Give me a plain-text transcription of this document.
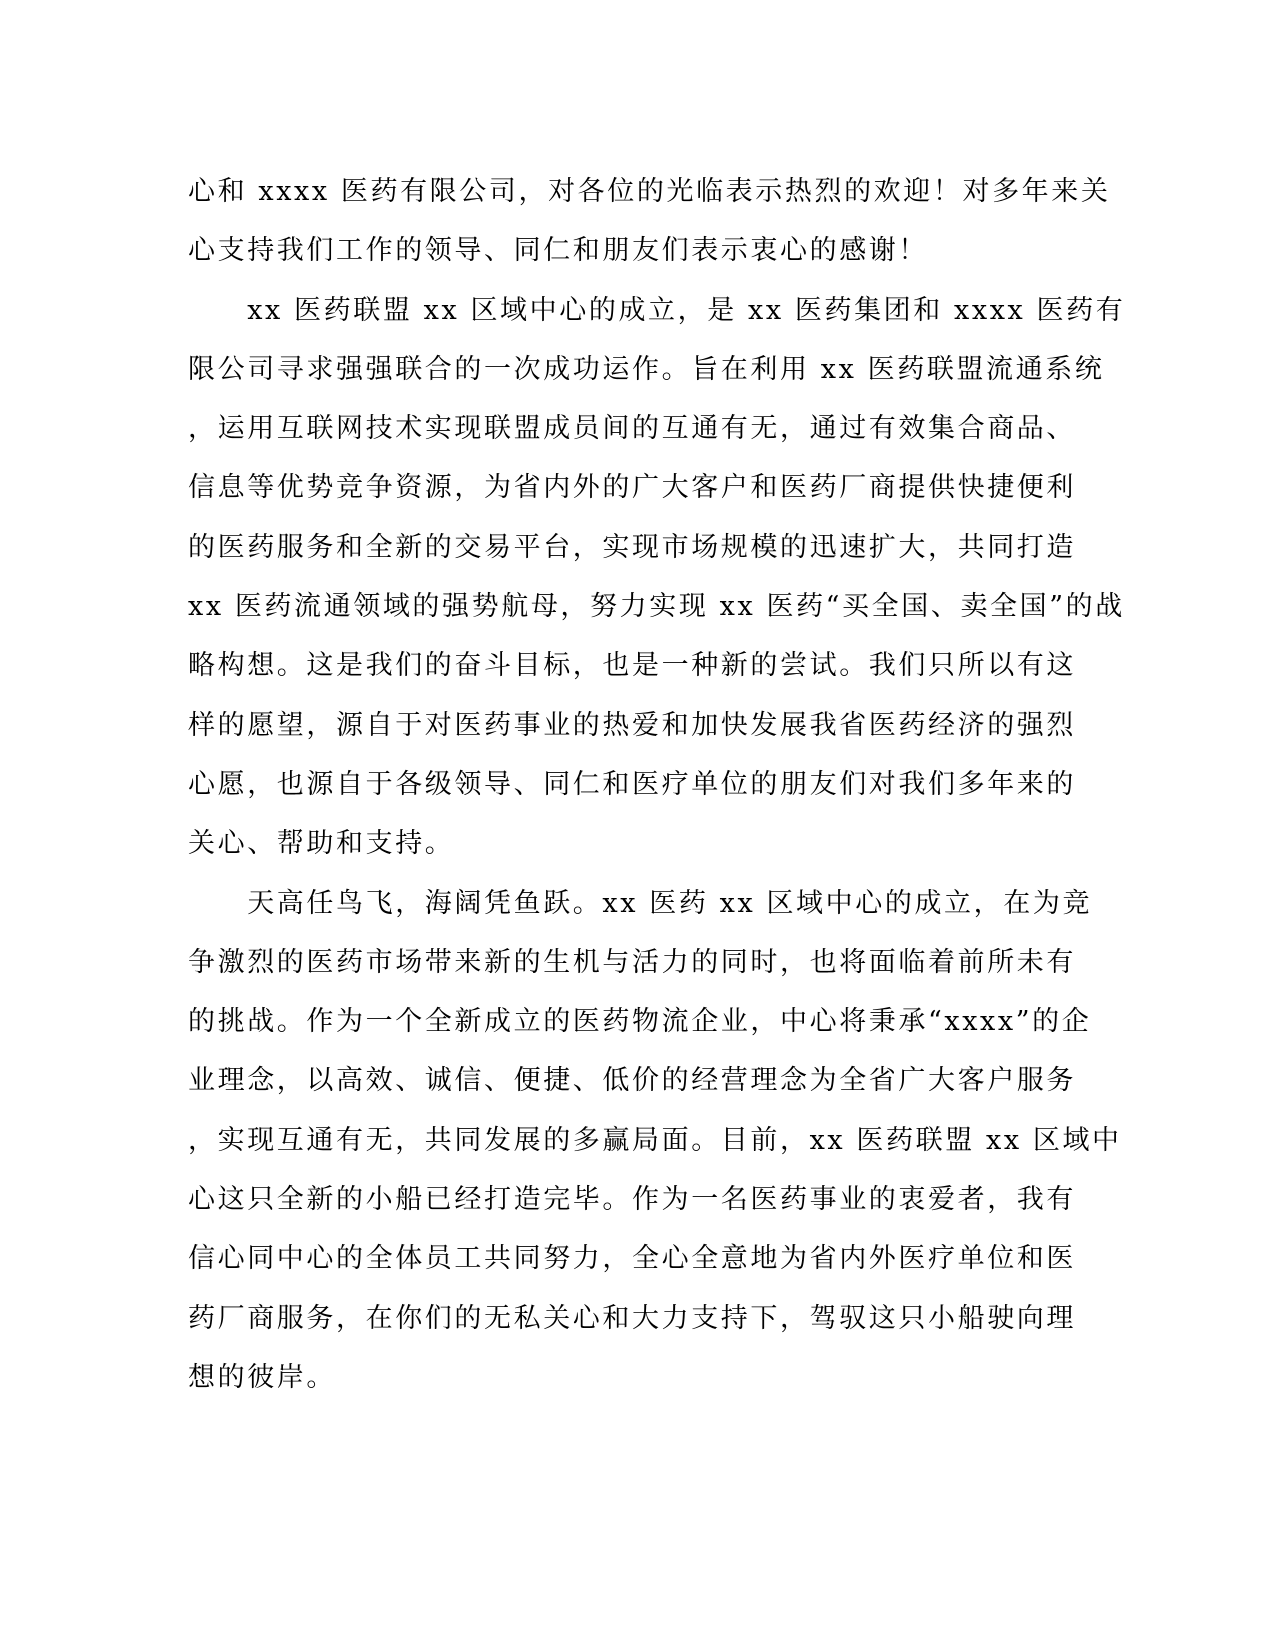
心和 xxxx 医药有限公司，对各位的光临表示热烈的欢迎！对多年来关
心支持我们工作的领导、同仁和朋友们表示衷心的感谢！
　　xx 医药联盟 xx 区域中心的成立，是 xx 医药集团和 xxxx 医药有
限公司寻求强强联合的一次成功运作。旨在利用 xx 医药联盟流通系统
，运用互联网技术实现联盟成员间的互通有无，通过有效集合商品、
信息等优势竞争资源，为省内外的广大客户和医药厂商提供快捷便利
的医药服务和全新的交易平台，实现市场规模的迅速扩大，共同打造
xx 医药流通领域的强势航母，努力实现 xx 医药“买全国、卖全国”的战
略构想。这是我们的奋斗目标，也是一种新的尝试。我们只所以有这
样的愿望，源自于对医药事业的热爱和加快发展我省医药经济的强烈
心愿，也源自于各级领导、同仁和医疗单位的朋友们对我们多年来的
关心、帮助和支持。
　　天高任鸟飞，海阔凭鱼跃。xx 医药 xx 区域中心的成立，在为竞
争激烈的医药市场带来新的生机与活力的同时，也将面临着前所未有
的挑战。作为一个全新成立的医药物流企业，中心将秉承“xxxx”的企
业理念，以高效、诚信、便捷、低价的经营理念为全省广大客户服务
，实现互通有无，共同发展的多赢局面。目前，xx 医药联盟 xx 区域中
心这只全新的小船已经打造完毕。作为一名医药事业的衷爱者，我有
信心同中心的全体员工共同努力，全心全意地为省内外医疗单位和医
药厂商服务，在你们的无私关心和大力支持下，驾驭这只小船驶向理
想的彼岸。
